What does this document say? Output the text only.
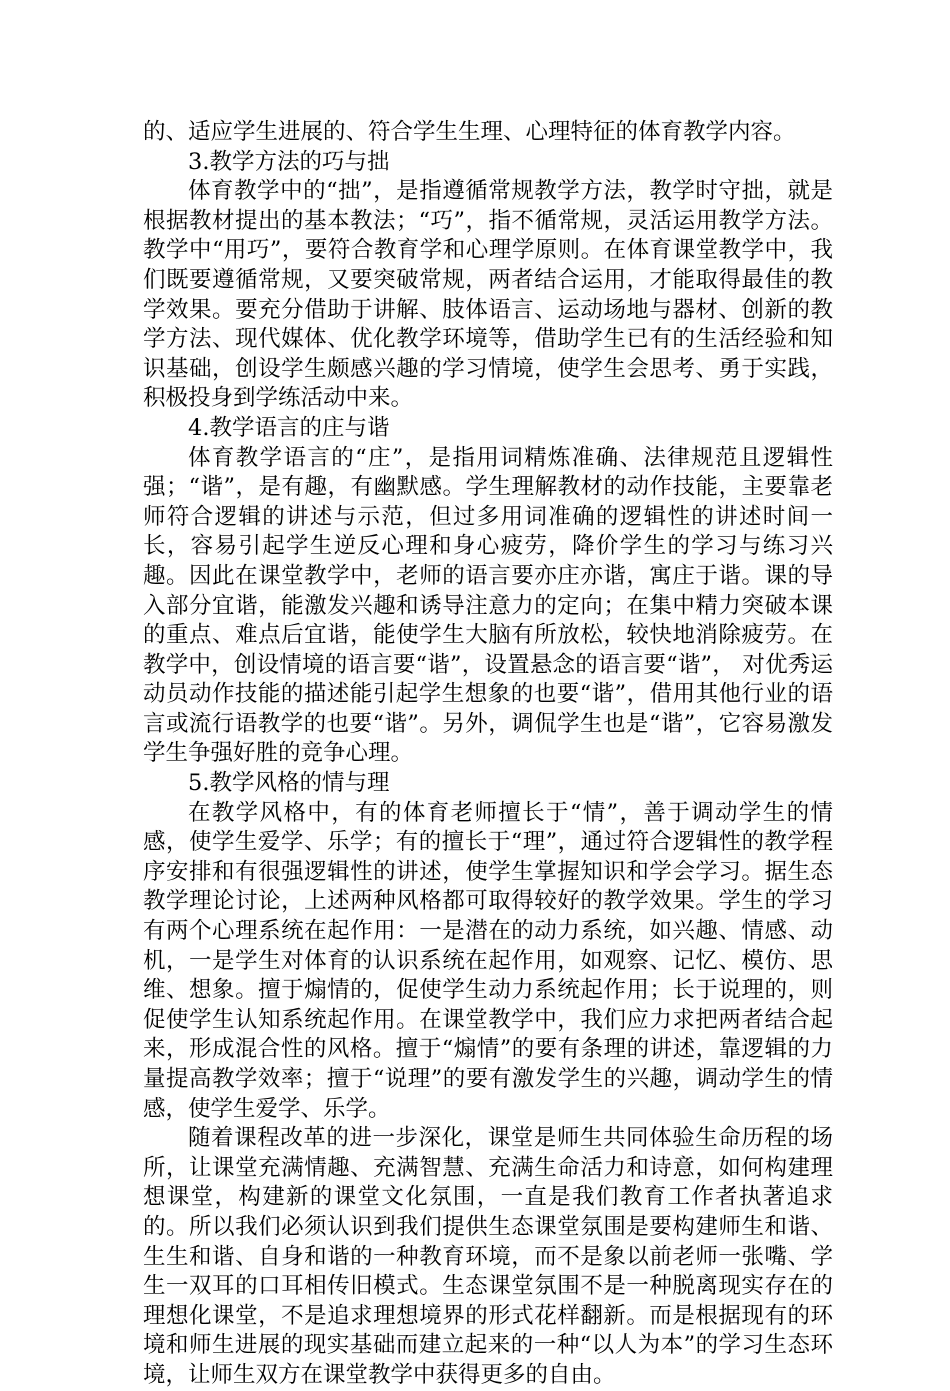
的、适应学生进展的、符合学生生理、心理特征的体育教学内容。

3.教学方法的巧与拙

体育教学中的“拙”，是指遵循常规教学方法，教学时守拙，就是根据教材提出的基本教法；“巧”，指不循常规，灵活运用教学方法。教学中“用巧”，要符合教育学和心理学原则。在体育课堂教学中，我们既要遵循常规，又要突破常规，两者结合运用，才能取得最佳的教学效果。要充分借助于讲解、肢体语言、运动场地与器材、创新的教学方法、现代媒体、优化教学环境等，借助学生已有的生活经验和知识基础，创设学生颇感兴趣的学习情境，使学生会思考、勇于实践，积极投身到学练活动中来。

4.教学语言的庄与谐

体育教学语言的“庄”，是指用词精炼准确、法律规范且逻辑性强；“谐”，是有趣，有幽默感。学生理解教材的动作技能，主要靠老师符合逻辑的讲述与示范，但过多用词准确的逻辑性的讲述时间一长，容易引起学生逆反心理和身心疲劳，降价学生的学习与练习兴趣。因此在课堂教学中，老师的语言要亦庄亦谐，寓庄于谐。课的导入部分宜谐，能激发兴趣和诱导注意力的定向；在集中精力突破本课的重点、难点后宜谐，能使学生大脑有所放松，较快地消除疲劳。在教学中，创设情境的语言要“谐”，设置悬念的语言要“谐”， 对优秀运动员动作技能的描述能引起学生想象的也要“谐”，借用其他行业的语言或流行语教学的也要“谐”。另外，调侃学生也是“谐”，它容易激发学生争强好胜的竞争心理。

5.教学风格的情与理

在教学风格中，有的体育老师擅长于“情”，善于调动学生的情感，使学生爱学、乐学；有的擅长于“理”，通过符合逻辑性的教学程序安排和有很强逻辑性的讲述，使学生掌握知识和学会学习。据生态教学理论讨论，上述两种风格都可取得较好的教学效果。学生的学习有两个心理系统在起作用：一是潜在的动力系统，如兴趣、情感、动机，一是学生对体育的认识系统在起作用，如观察、记忆、模仿、思维、想象。擅于煽情的，促使学生动力系统起作用；长于说理的，则促使学生认知系统起作用。在课堂教学中，我们应力求把两者结合起来，形成混合性的风格。擅于“煽情”的要有条理的讲述，靠逻辑的力量提高教学效率；擅于“说理”的要有激发学生的兴趣，调动学生的情感，使学生爱学、乐学。

随着课程改革的进一步深化，课堂是师生共同体验生命历程的场所，让课堂充满情趣、充满智慧、充满生命活力和诗意，如何构建理想课堂，构建新的课堂文化氛围，一直是我们教育工作者执著追求的。所以我们必须认识到我们提供生态课堂氛围是要构建师生和谐、生生和谐、自身和谐的一种教育环境，而不是象以前老师一张嘴、学生一双耳的口耳相传旧模式。生态课堂氛围不是一种脱离现实存在的理想化课堂，不是追求理想境界的形式花样翻新。而是根据现有的环境和师生进展的现实基础而建立起来的一种“以人为本”的学习生态环境，让师生双方在课堂教学中获得更多的自由。
